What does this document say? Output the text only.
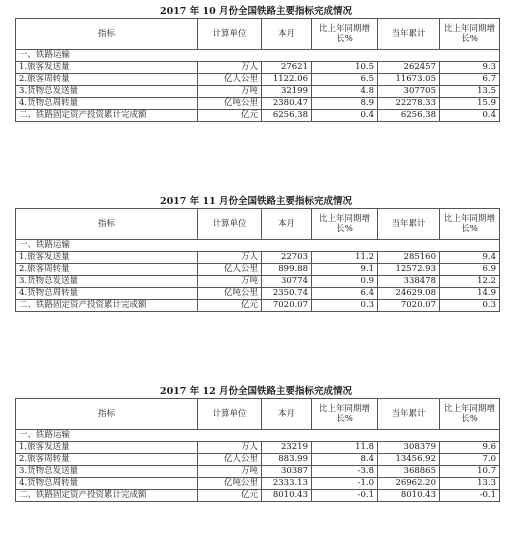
2017 年 10 月份全国铁路主要指标完成情况
指标	计算单位	本月	比上年同期增长%	当年累计	比上年同期增长%
一、铁路运输					
1.旅客发送量	万人	27621	10.5	262457	9.3
2.旅客周转量	亿人公里	1122.06	6.5	11673.05	6.7
3.货物总发送量	万吨	32199	4.8	307705	13.5
4.货物总周转量	亿吨公里	2380.47	8.9	22278.33	15.9
二、铁路固定资产投资累计完成额	亿元	6256.38	0.4	6256.38	0.4
2017 年 11 月份全国铁路主要指标完成情况
指标	计算单位	本月	比上年同期增长%	当年累计	比上年同期增长%
一、铁路运输					
1.旅客发送量	万人	22703	11.2	285160	9.4
2.旅客周转量	亿人公里	899.88	9.1	12572.93	6.9
3.货物总发送量	万吨	30774	0.9	338478	12.2
4.货物总周转量	亿吨公里	2350.74	6.4	24629.08	14.9
二、铁路固定资产投资累计完成额	亿元	7020.07	0.3	7020.07	0.3
2017 年 12 月份全国铁路主要指标完成情况
指标	计算单位	本月	比上年同期增长%	当年累计	比上年同期增长%
一、铁路运输					
1.旅客发送量	万人	23219	11.8	308379	9.6
2.旅客周转量	亿人公里	883.99	8.4	13456.92	7.0
3.货物总发送量	万吨	30387	-3.8	368865	10.7
4.货物总周转量	亿吨公里	2333.13	-1.0	26962.20	13.3
二、铁路固定资产投资累计完成额	亿元	8010.43	-0.1	8010.43	-0.1
